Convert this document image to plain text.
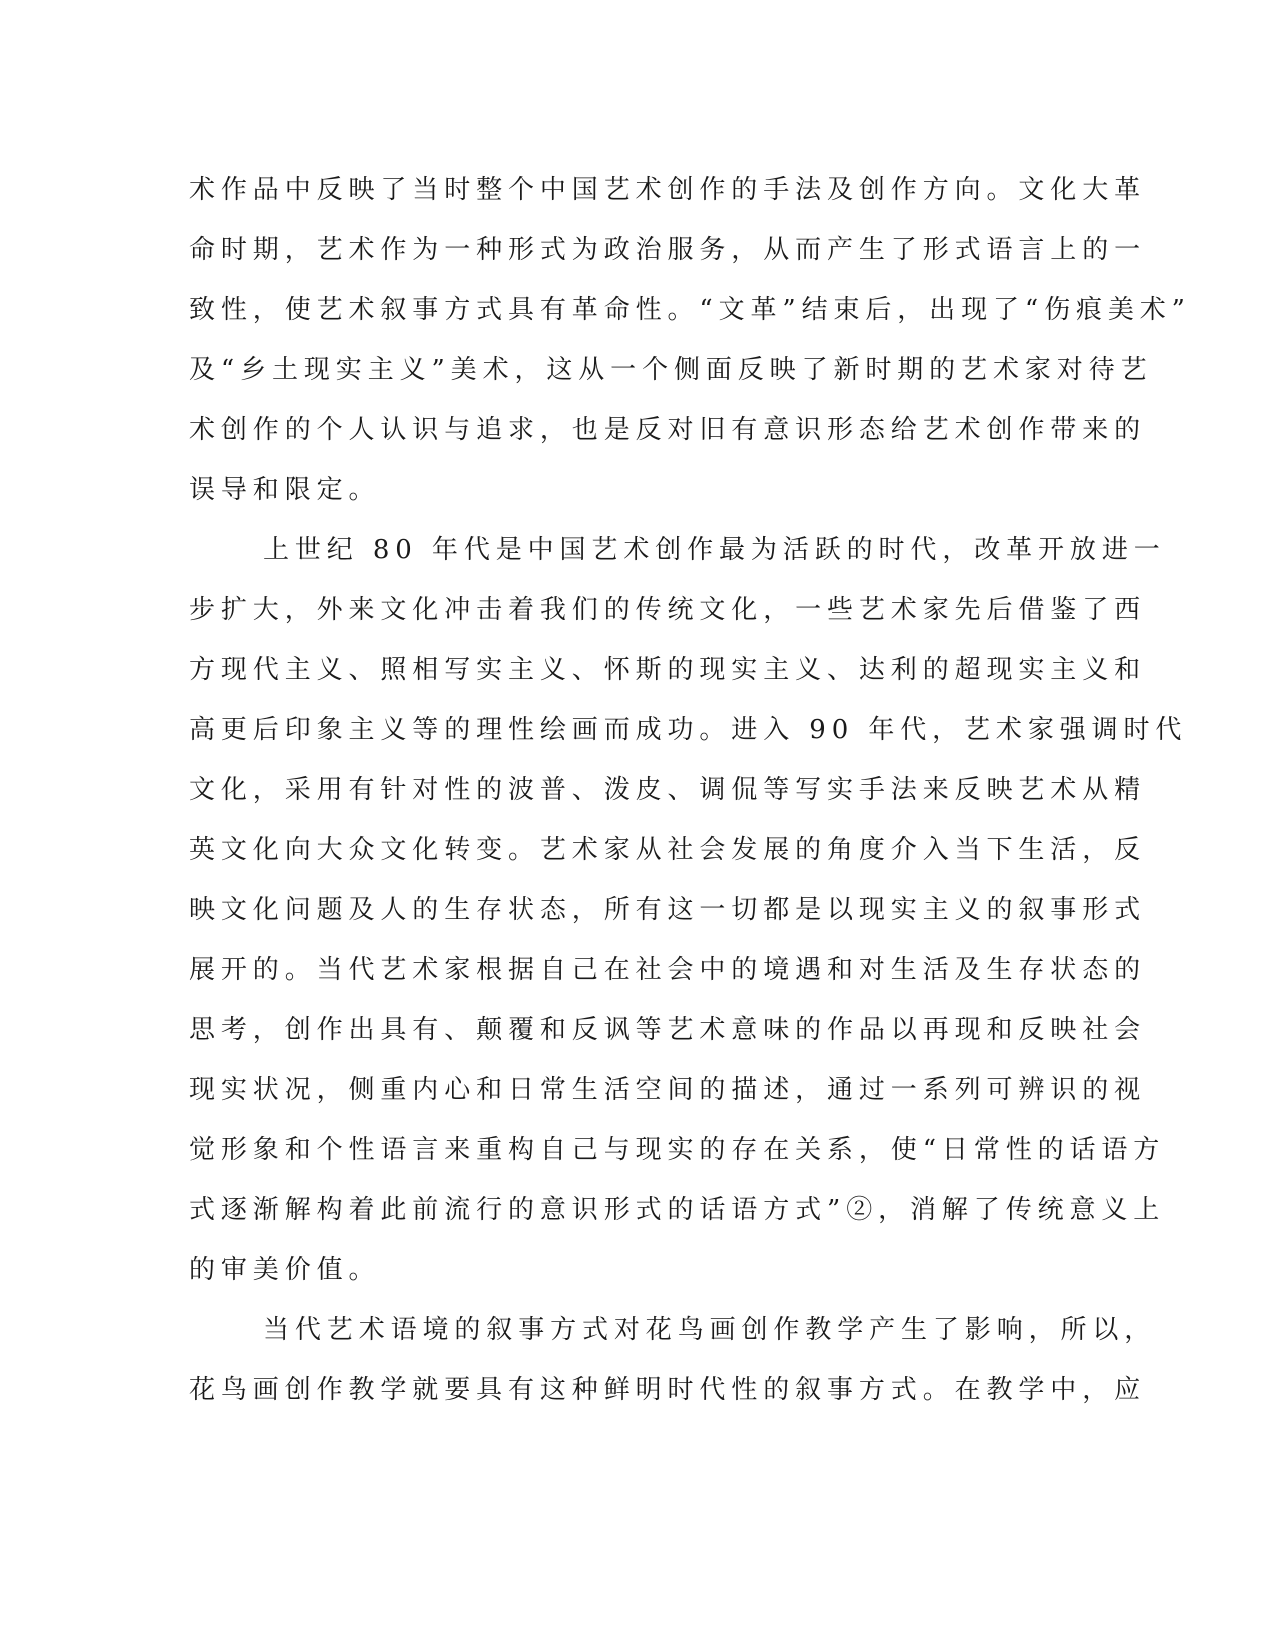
术作品中反映了当时整个中国艺术创作的手法及创作方向。文化大革
命时期，艺术作为一种形式为政治服务，从而产生了形式语言上的一
致性，使艺术叙事方式具有革命性。“文革”结束后，出现了“伤痕美术”
及“乡土现实主义”美术，这从一个侧面反映了新时期的艺术家对待艺
术创作的个人认识与追求，也是反对旧有意识形态给艺术创作带来的
误导和限定。
上世纪 80 年代是中国艺术创作最为活跃的时代，改革开放进一
步扩大，外来文化冲击着我们的传统文化，一些艺术家先后借鉴了西
方现代主义、照相写实主义、怀斯的现实主义、达利的超现实主义和
高更后印象主义等的理性绘画而成功。进入 90 年代，艺术家强调时代
文化，采用有针对性的波普、泼皮、调侃等写实手法来反映艺术从精
英文化向大众文化转变。艺术家从社会发展的角度介入当下生活，反
映文化问题及人的生存状态，所有这一切都是以现实主义的叙事形式
展开的。当代艺术家根据自己在社会中的境遇和对生活及生存状态的
思考，创作出具有、颠覆和反讽等艺术意味的作品以再现和反映社会
现实状况，侧重内心和日常生活空间的描述，通过一系列可辨识的视
觉形象和个性语言来重构自己与现实的存在关系，使“日常性的话语方
式逐渐解构着此前流行的意识形式的话语方式”②，消解了传统意义上
的审美价值。
当代艺术语境的叙事方式对花鸟画创作教学产生了影响，所以，
花鸟画创作教学就要具有这种鲜明时代性的叙事方式。在教学中，应
